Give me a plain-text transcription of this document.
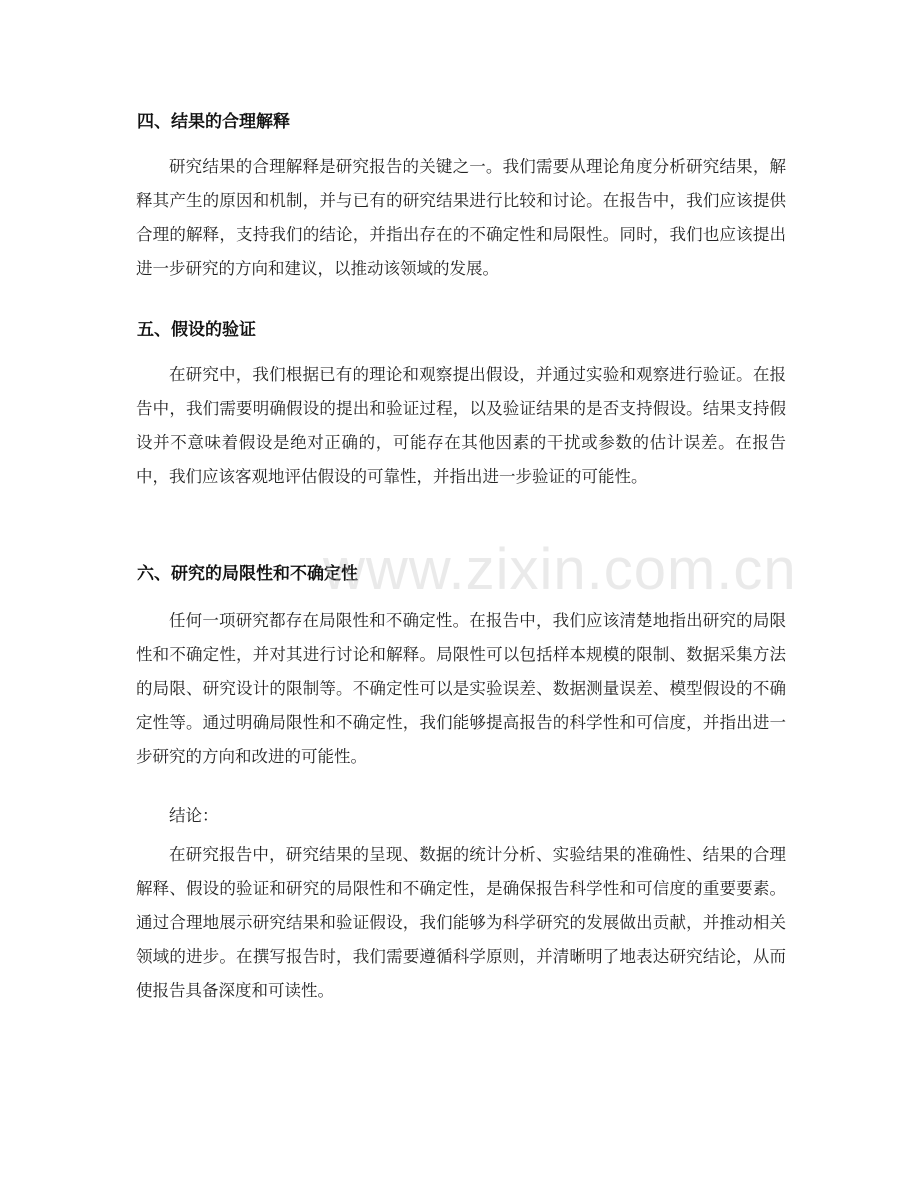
四、结果的合理解释
研究结果的合理解释是研究报告的关键之一。我们需要从理论角度分析研究结果，解释其产生的原因和机制，并与已有的研究结果进行比较和讨论。在报告中，我们应该提供合理的解释，支持我们的结论，并指出存在的不确定性和局限性。同时，我们也应该提出进一步研究的方向和建议，以推动该领域的发展。
五、假设的验证
在研究中，我们根据已有的理论和观察提出假设，并通过实验和观察进行验证。在报告中，我们需要明确假设的提出和验证过程，以及验证结果的是否支持假设。结果支持假设并不意味着假设是绝对正确的，可能存在其他因素的干扰或参数的估计误差。在报告中，我们应该客观地评估假设的可靠性，并指出进一步验证的可能性。
六、研究的局限性和不确定性
任何一项研究都存在局限性和不确定性。在报告中，我们应该清楚地指出研究的局限性和不确定性，并对其进行讨论和解释。局限性可以包括样本规模的限制、数据采集方法的局限、研究设计的限制等。不确定性可以是实验误差、数据测量误差、模型假设的不确定性等。通过明确局限性和不确定性，我们能够提高报告的科学性和可信度，并指出进一步研究的方向和改进的可能性。
结论：
在研究报告中，研究结果的呈现、数据的统计分析、实验结果的准确性、结果的合理解释、假设的验证和研究的局限性和不确定性，是确保报告科学性和可信度的重要要素。通过合理地展示研究结果和验证假设，我们能够为科学研究的发展做出贡献，并推动相关领域的进步。在撰写报告时，我们需要遵循科学原则，并清晰明了地表达研究结论，从而使报告具备深度和可读性。
www.zixin.com.cn
